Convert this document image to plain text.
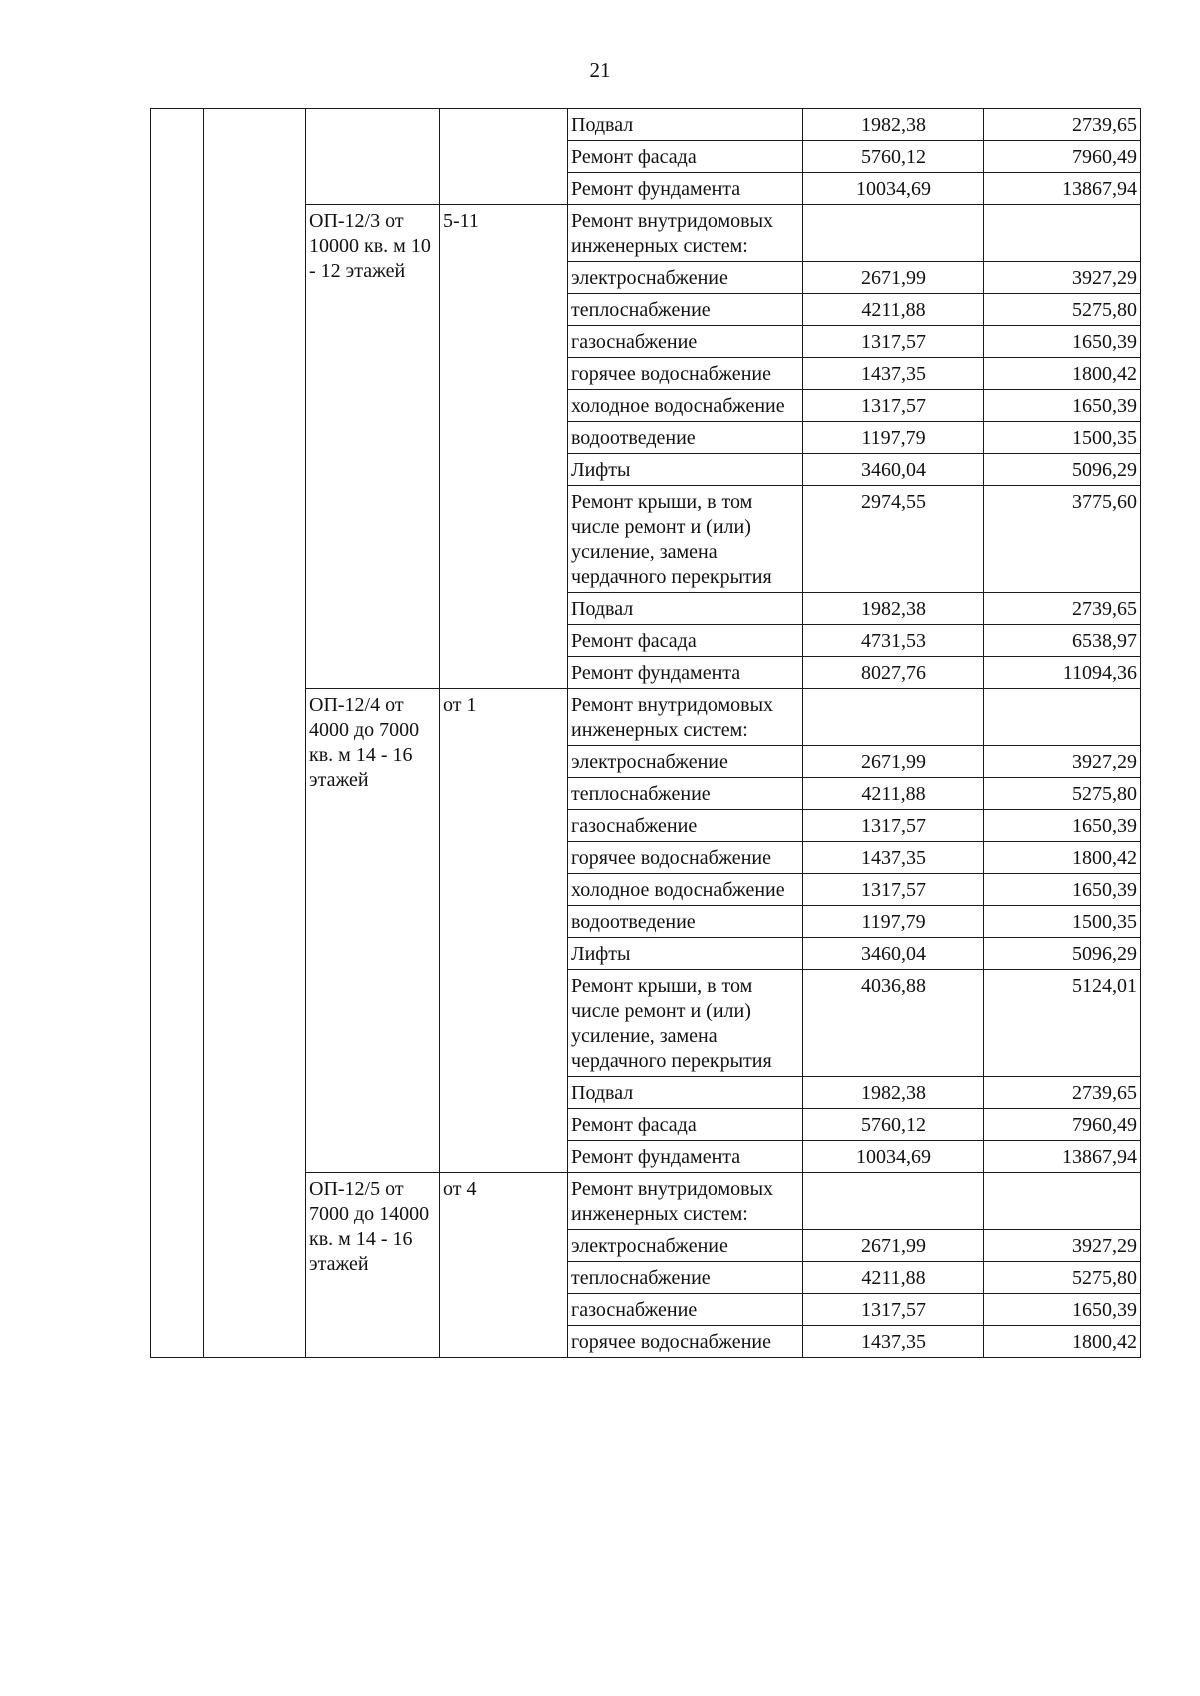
21
				Подвал	1982,38	2739,65
				Ремонт фасада	5760,12	7960,49
				Ремонт фундамента	10034,69	13867,94
		ОП-12/3 от 10000 кв. м 10 - 12 этажей	5-11	Ремонт внутридомовых инженерных систем:		
				электроснабжение	2671,99	3927,29
				теплоснабжение	4211,88	5275,80
				газоснабжение	1317,57	1650,39
				горячее водоснабжение	1437,35	1800,42
				холодное водоснабжение	1317,57	1650,39
				водоотведение	1197,79	1500,35
				Лифты	3460,04	5096,29
				Ремонт крыши, в том числе ремонт и (или) усиление, замена чердачного перекрытия	2974,55	3775,60
				Подвал	1982,38	2739,65
				Ремонт фасада	4731,53	6538,97
				Ремонт фундамента	8027,76	11094,36
		ОП-12/4 от 4000 до 7000 кв. м 14 - 16 этажей	от 1	Ремонт внутридомовых инженерных систем:		
				электроснабжение	2671,99	3927,29
				теплоснабжение	4211,88	5275,80
				газоснабжение	1317,57	1650,39
				горячее водоснабжение	1437,35	1800,42
				холодное водоснабжение	1317,57	1650,39
				водоотведение	1197,79	1500,35
				Лифты	3460,04	5096,29
				Ремонт крыши, в том числе ремонт и (или) усиление, замена чердачного перекрытия	4036,88	5124,01
				Подвал	1982,38	2739,65
				Ремонт фасада	5760,12	7960,49
				Ремонт фундамента	10034,69	13867,94
		ОП-12/5 от 7000 до 14000 кв. м 14 - 16 этажей	от 4	Ремонт внутридомовых инженерных систем:		
				электроснабжение	2671,99	3927,29
				теплоснабжение	4211,88	5275,80
				газоснабжение	1317,57	1650,39
				горячее водоснабжение	1437,35	1800,42
